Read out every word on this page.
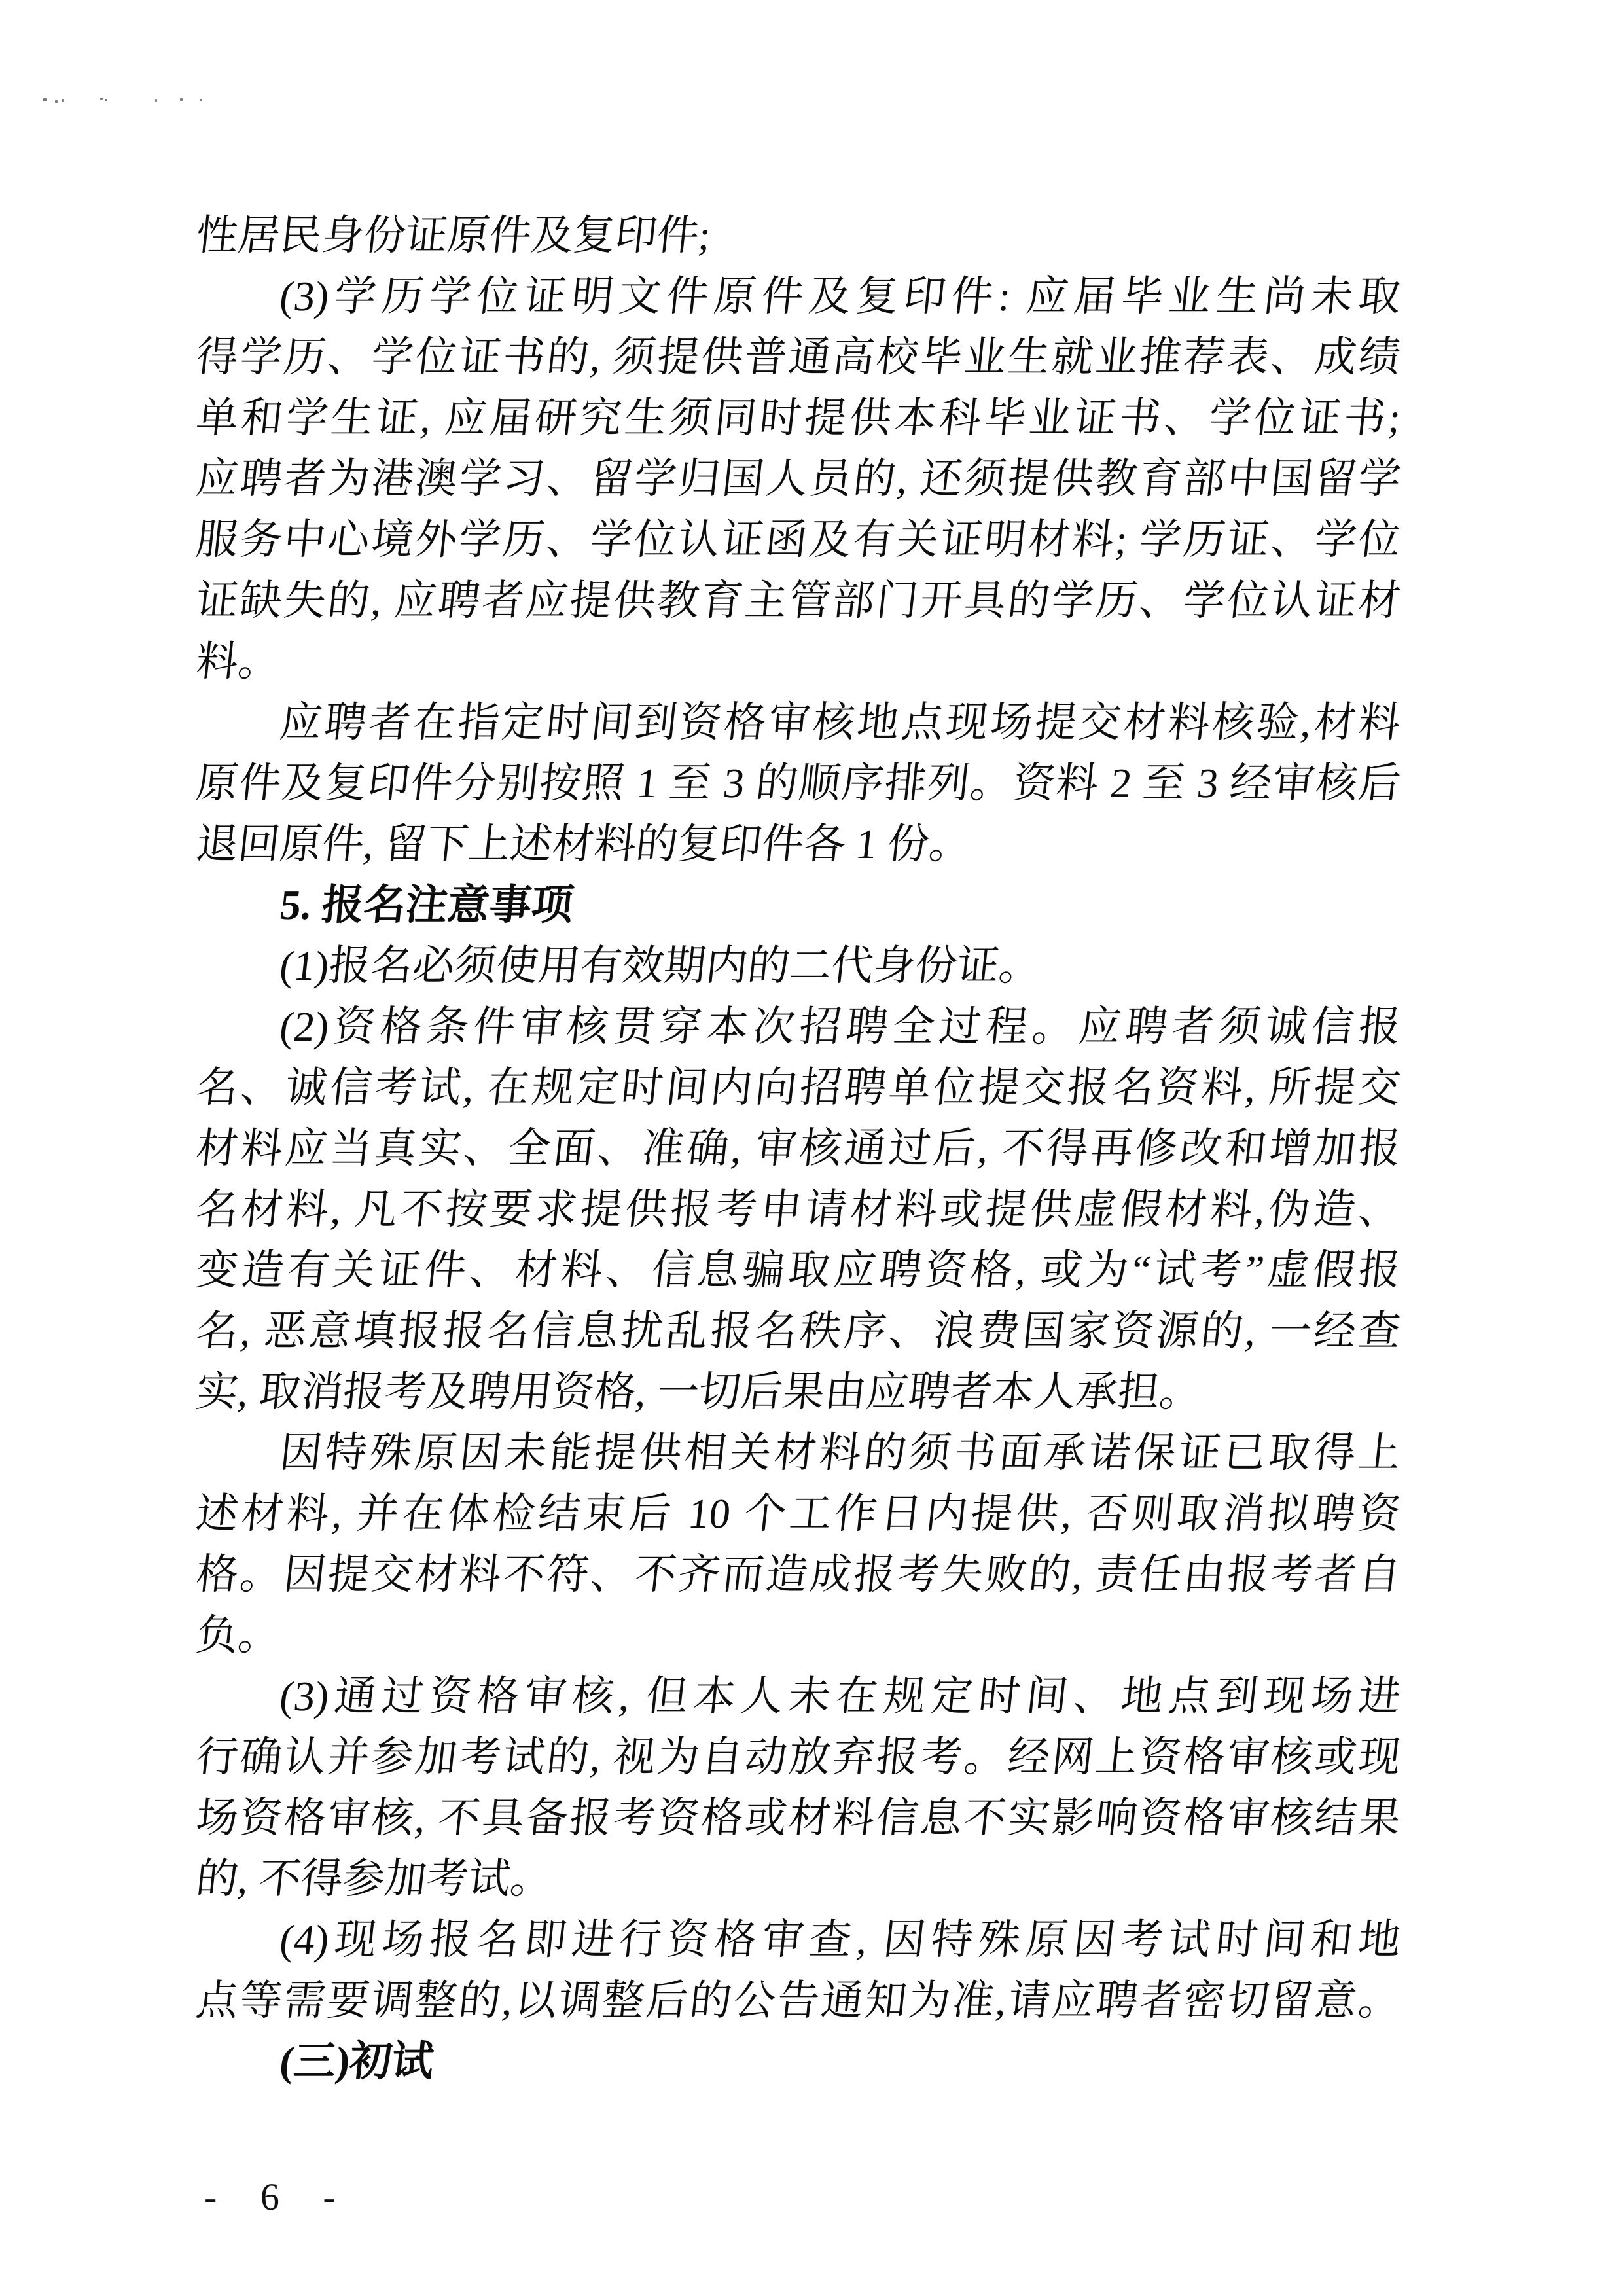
性居民身份证原件及复印件;
(3)学历学位证明文件原件及复印件: 应届毕业生尚未取
得学历、学位证书的, 须提供普通高校毕业生就业推荐表、成绩
单和学生证, 应届研究生须同时提供本科毕业证书、学位证书;
应聘者为港澳学习、留学归国人员的, 还须提供教育部中国留学
服务中心境外学历、学位认证函及有关证明材料; 学历证、学位
证缺失的, 应聘者应提供教育主管部门开具的学历、学位认证材
料。
应聘者在指定时间到资格审核地点现场提交材料核验,材料
原件及复印件分别按照 1 至 3 的顺序排列。资料 2 至 3 经审核后
退回原件, 留下上述材料的复印件各 1 份。
5. 报名注意事项
(1)报名必须使用有效期内的二代身份证。
(2)资格条件审核贯穿本次招聘全过程。应聘者须诚信报
名、诚信考试, 在规定时间内向招聘单位提交报名资料, 所提交
材料应当真实、全面、准确, 审核通过后, 不得再修改和增加报
名材料, 凡不按要求提供报考申请材料或提供虚假材料,伪造、
变造有关证件、材料、信息骗取应聘资格, 或为“试考”虚假报
名, 恶意填报报名信息扰乱报名秩序、浪费国家资源的, 一经查
实, 取消报考及聘用资格, 一切后果由应聘者本人承担。
因特殊原因未能提供相关材料的须书面承诺保证已取得上
述材料, 并在体检结束后 10 个工作日内提供, 否则取消拟聘资
格。因提交材料不符、不齐而造成报考失败的, 责任由报考者自
负。
(3)通过资格审核, 但本人未在规定时间、地点到现场进
行确认并参加考试的, 视为自动放弃报考。经网上资格审核或现
场资格审核, 不具备报考资格或材料信息不实影响资格审核结果
的, 不得参加考试。
(4)现场报名即进行资格审查, 因特殊原因考试时间和地
点等需要调整的,以调整后的公告通知为准,请应聘者密切留意。
(三)初试
- 6 -
